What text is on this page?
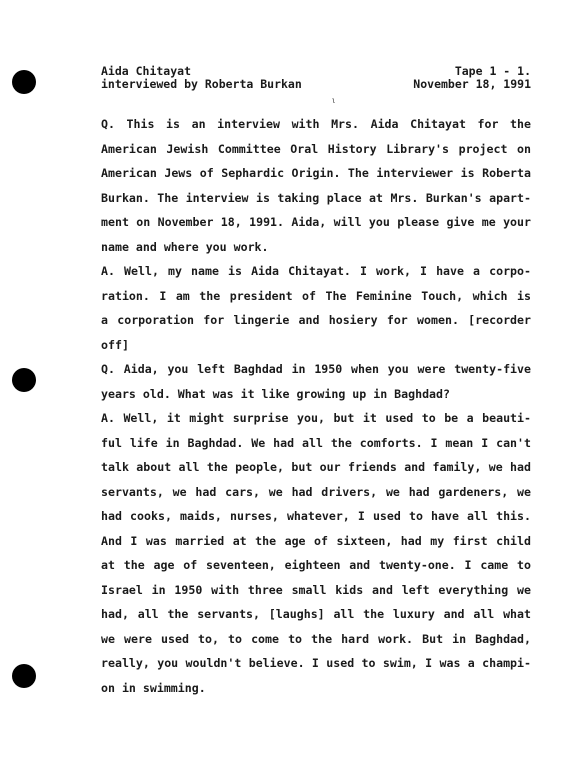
Aida Chitayat	Tape 1 - 1.
interviewed by Roberta Burkan	November 18, 1991
ι
Q. This is an interview with Mrs. Aida Chitayat for the
American Jewish Committee Oral History Library's project on
American Jews of Sephardic Origin. The interviewer is Roberta
Burkan. The interview is taking place at Mrs. Burkan's apart-
ment on November 18, 1991. Aida, will you please give me your
name and where you work.
A. Well, my name is Aida Chitayat. I work, I have a corpo-
ration. I am the president of The Feminine Touch, which is
a corporation for lingerie and hosiery for women. [recorder
off]
Q. Aida, you left Baghdad in 1950 when you were twenty-five
years old. What was it like growing up in Baghdad?
A. Well, it might surprise you, but it used to be a beauti-
ful life in Baghdad. We had all the comforts. I mean I can't
talk about all the people, but our friends and family, we had
servants, we had cars, we had drivers, we had gardeners, we
had cooks, maids, nurses, whatever, I used to have all this.
And I was married at the age of sixteen, had my first child
at the age of seventeen, eighteen and twenty-one. I came to
Israel in 1950 with three small kids and left everything we
had, all the servants, [laughs] all the luxury and all what
we were used to, to come to the hard work. But in Baghdad,
really, you wouldn't believe. I used to swim, I was a champi-
on in swimming.
